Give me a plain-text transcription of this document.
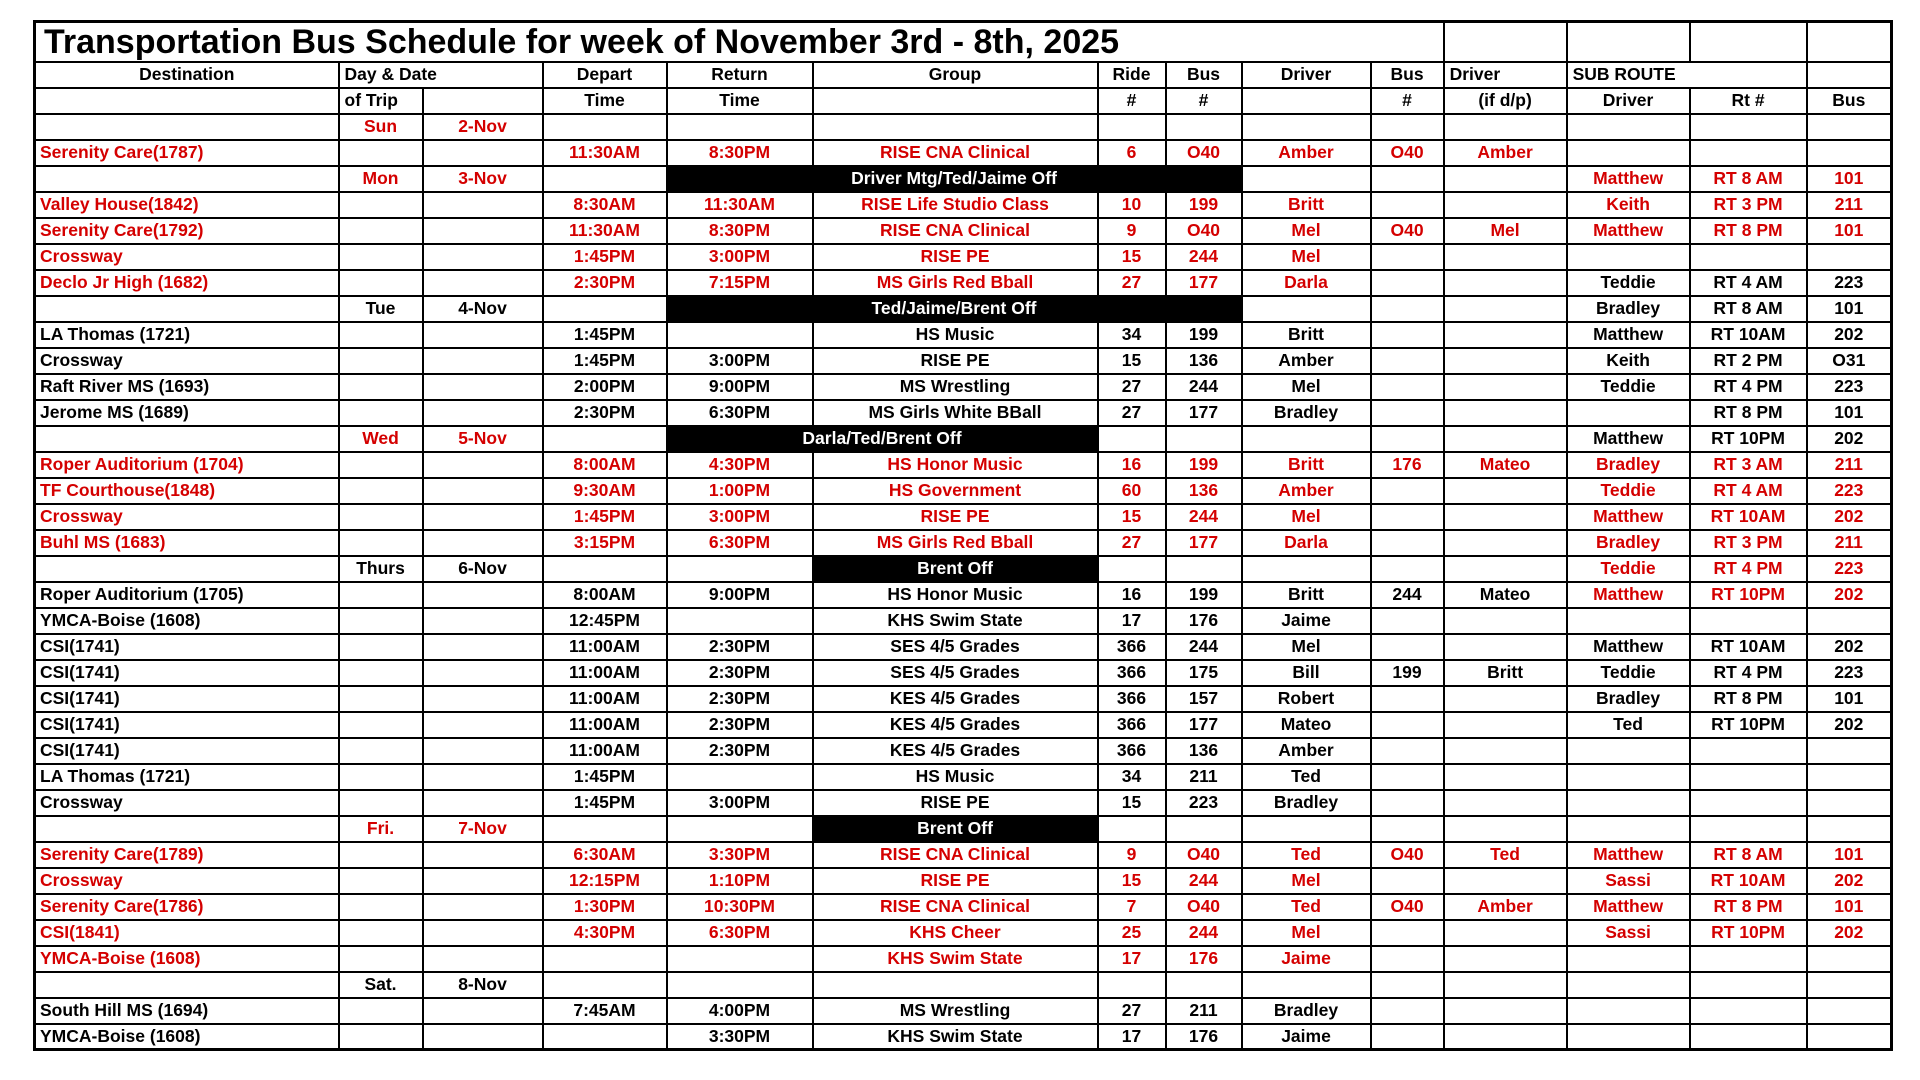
Transportation Bus Schedule for week of November 3rd - 8th, 2025													
Destination	Day & Date		Depart	Return	Group	Ride	Bus	Driver	Bus	Driver	SUB ROUTE		
	of Trip		Time	Time		#	#		#	(if d/p)	Driver	Rt #	Bus
	Sun	2-Nov											
Serenity Care(1787)			11:30AM	8:30PM	RISE CNA Clinical	6	O40	Amber	O40	Amber			
	Mon	3-Nov		Driver Mtg/Ted/Jaime Off							Matthew	RT 8 AM	101
Valley House(1842)			8:30AM	11:30AM	RISE Life Studio Class	10	199	Britt			Keith	RT 3 PM	211
Serenity Care(1792)			11:30AM	8:30PM	RISE CNA Clinical	9	O40	Mel	O40	Mel	Matthew	RT 8 PM	101
Crossway			1:45PM	3:00PM	RISE PE	15	244	Mel					
Declo Jr High (1682)			2:30PM	7:15PM	MS Girls Red Bball	27	177	Darla			Teddie	RT 4 AM	223
	Tue	4-Nov		Ted/Jaime/Brent Off							Bradley	RT 8 AM	101
LA Thomas (1721)			1:45PM		HS Music	34	199	Britt			Matthew	RT 10AM	202
Crossway			1:45PM	3:00PM	RISE PE	15	136	Amber			Keith	RT 2 PM	O31
Raft River MS (1693)			2:00PM	9:00PM	MS Wrestling	27	244	Mel			Teddie	RT 4 PM	223
Jerome MS (1689)			2:30PM	6:30PM	MS Girls White BBall	27	177	Bradley				RT 8 PM	101
	Wed	5-Nov		Darla/Ted/Brent Off							Matthew	RT 10PM	202
Roper Auditorium (1704)			8:00AM	4:30PM	HS Honor Music	16	199	Britt	176	Mateo	Bradley	RT 3 AM	211
TF Courthouse(1848)			9:30AM	1:00PM	HS Government	60	136	Amber			Teddie	RT 4 AM	223
Crossway			1:45PM	3:00PM	RISE PE	15	244	Mel			Matthew	RT 10AM	202
Buhl MS (1683)			3:15PM	6:30PM	MS Girls Red Bball	27	177	Darla			Bradley	RT 3 PM	211
	Thurs	6-Nov			Brent Off						Teddie	RT 4 PM	223
Roper Auditorium (1705)			8:00AM	9:00PM	HS Honor Music	16	199	Britt	244	Mateo	Matthew	RT 10PM	202
YMCA-Boise (1608)			12:45PM		KHS Swim State	17	176	Jaime					
CSI(1741)			11:00AM	2:30PM	SES 4/5 Grades	366	244	Mel			Matthew	RT 10AM	202
CSI(1741)			11:00AM	2:30PM	SES 4/5 Grades	366	175	Bill	199	Britt	Teddie	RT 4 PM	223
CSI(1741)			11:00AM	2:30PM	KES 4/5 Grades	366	157	Robert			Bradley	RT 8 PM	101
CSI(1741)			11:00AM	2:30PM	KES 4/5 Grades	366	177	Mateo			Ted	RT 10PM	202
CSI(1741)			11:00AM	2:30PM	KES 4/5 Grades	366	136	Amber					
LA Thomas (1721)			1:45PM		HS Music	34	211	Ted					
Crossway			1:45PM	3:00PM	RISE PE	15	223	Bradley					
	Fri.	7-Nov			Brent Off								
Serenity Care(1789)			6:30AM	3:30PM	RISE CNA Clinical	9	O40	Ted	O40	Ted	Matthew	RT 8 AM	101
Crossway			12:15PM	1:10PM	RISE PE	15	244	Mel			Sassi	RT 10AM	202
Serenity Care(1786)			1:30PM	10:30PM	RISE CNA Clinical	7	O40	Ted	O40	Amber	Matthew	RT 8 PM	101
CSI(1841)			4:30PM	6:30PM	KHS Cheer	25	244	Mel			Sassi	RT 10PM	202
YMCA-Boise (1608)					KHS Swim State	17	176	Jaime					
	Sat.	8-Nov											
South Hill MS (1694)			7:45AM	4:00PM	MS Wrestling	27	211	Bradley					
YMCA-Boise (1608)				3:30PM	KHS Swim State	17	176	Jaime					
